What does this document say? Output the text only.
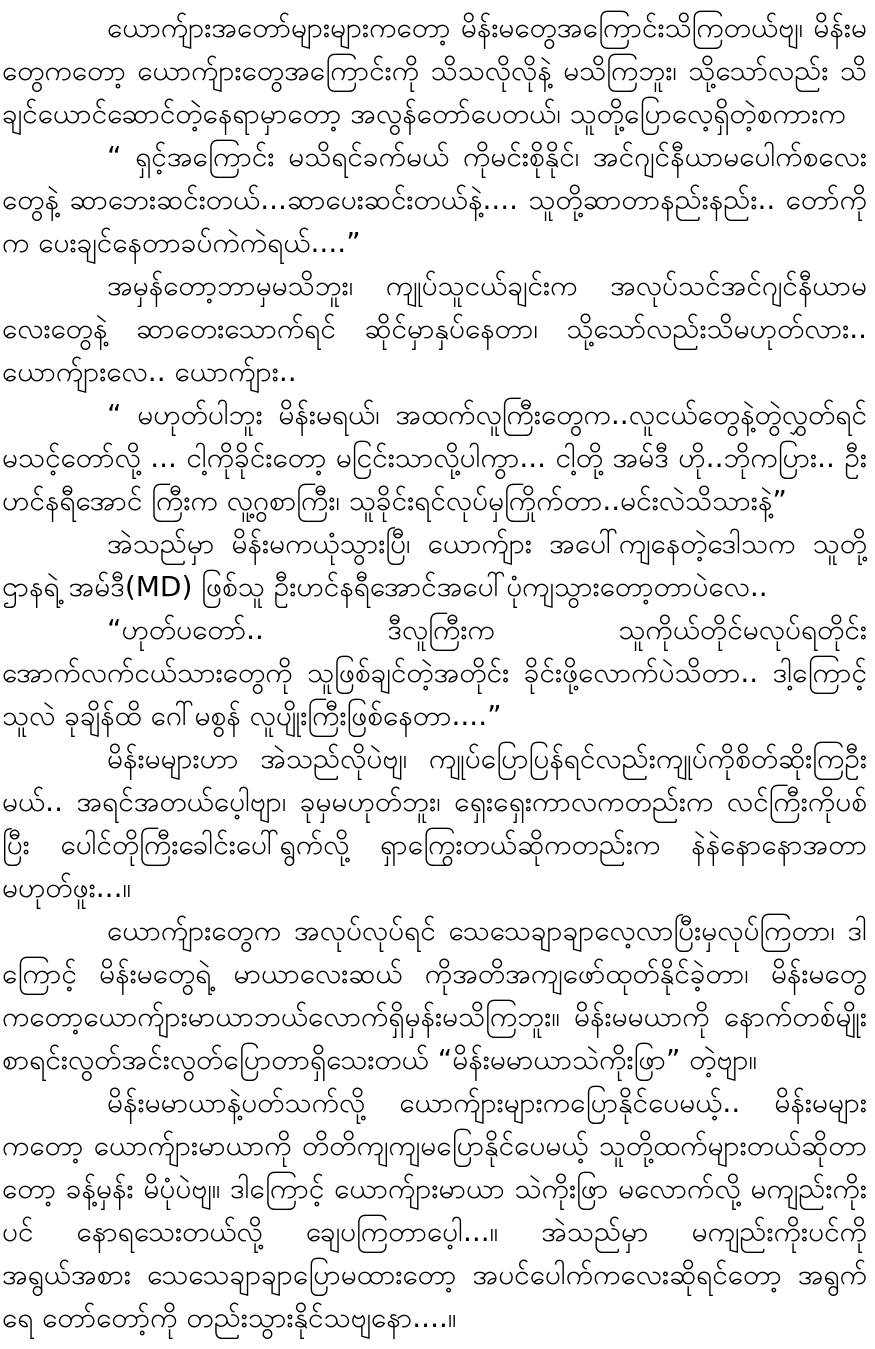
ယောက်ျားအတော်များများကတော့ မိန်းမတွေအကြောင်းသိကြတယ်ဗျ၊ မိန်းမတွေကတော့ ယောက်ျားတွေအကြောင်းကို သိသလိုလိုနဲ့ မသိကြဘူး၊ သို့သော်လည်း သိချင်ယောင်ဆောင်တဲ့နေရာမှာတော့ အလွန်တော်ပေတယ်၊ သူတို့ပြောလေ့ရှိတဲ့စကားက

“ ရှင့်အကြောင်း မသိရင်ခက်မယ် ကိုမင်းစိုနိုင်၊ အင်ဂျင်နီယာမပေါက်စလေးတွေနဲ့ ဆာဘေးဆင်းတယ်...ဆာပေးဆင်းတယ်နဲ့.... သူတို့ဆာတာနည်းနည်း.. တော်ကိုက ပေးချင်နေတာခပ်ကဲကဲရယ်....”

အမှန်တော့ဘာမှမသိဘူး၊ ကျုပ်သူငယ်ချင်းက အလုပ်သင်အင်ဂျင်နီယာမလေးတွေနဲ့ ဆာတေးသောက်ရင် ဆိုင်မှာနှပ်နေတာ၊ သို့သော်လည်းသိမဟုတ်လား.. ယောက်ျားလေ.. ယောက်ျား..

“ မဟုတ်ပါဘူး မိန်းမရယ်၊ အထက်လူကြီးတွေက..လူငယ်တွေနဲ့တွဲလွှတ်ရင် မသင့်တော်လို့ ... ငါ့ကိုခိုင်းတော့ မငြင်းသာလို့ပါကွာ... ငါ့တို့ အမ်ဒီ ဟို..ဘိုကပြား.. ဦးဟင်နရီအောင် ကြီးက လူ့ဂွစာကြီး၊ သူခိုင်းရင်လုပ်မှကြိုက်တာ..မင်းလဲသိသားနဲ့”

အဲသည်မှာ မိန်းမကယုံသွားပြီ၊ ယောက်ျား အပေါ်ကျနေတဲ့ဒေါသက သူတို့ဌာနရဲ့ အမ်ဒီ(MD) ဖြစ်သူ ဦးဟင်နရီအောင်အပေါ်ပုံကျသွားတော့တာပဲလေ..

“ဟုတ်ပတော်.. ဒီလူကြီးက သူကိုယ်တိုင်မလုပ်ရတိုင်း အောက်လက်ငယ်သားတွေကို သူဖြစ်ချင်တဲ့အတိုင်း ခိုင်းဖို့လောက်ပဲသိတာ.. ဒါ့ကြောင့် သူလဲ ခုချိန်ထိ ဂေါ်မစွန် လူပျိုးကြီးဖြစ်နေတာ....”

မိန်းမများဟာ အဲသည်လိုပဲဗျ၊ ကျုပ်ပြောပြန်ရင်လည်းကျုပ်ကိုစိတ်ဆိုးကြဦးမယ်.. အရင်အတယ်ပေ့ါဗျာ၊ ခုမှမဟုတ်ဘူး၊ ရှေးရှေးကာလကတည်းက လင်ကြီးကိုပစ်ပြီး ပေါင်တိုကြီးခေါင်းပေါ်ရွက်လို့ ရှာကြွေးတယ်ဆိုကတည်းက နဲနဲနောနောအတာမဟုတ်ဖူး...။

ယောက်ျားတွေက အလုပ်လုပ်ရင် သေသေချာချာလေ့လာပြီးမှလုပ်ကြတာ၊ ဒါကြောင့် မိန်းမတွေရဲ့ မာယာလေးဆယ် ကိုအတိအကျဖော်ထုတ်နိုင်ခဲ့တာ၊ မိန်းမတွေကတော့ယောက်ျားမာယာဘယ်လောက်ရှိမှန်းမသိကြဘူး။ မိန်းမမယာကို နောက်တစ်မျိုး စာရင်းလွတ်အင်းလွတ်ပြောတာရှိသေးတယ် “မိန်းမမာယာသဲကိုးဖြာ” တဲ့ဗျာ။

မိန်းမမာယာနဲ့ပတ်သက်လို့ ယောက်ျားများကပြောနိုင်ပေမယ့်.. မိန်းမများကတော့ ယောက်ျားမာယာကို တိတိကျကျမပြောနိုင်ပေမယ့် သူတို့ထက်များတယ်ဆိုတာတော့ ခန့်မှန်း မိပုံပဲဗျ။ ဒါကြောင့် ယောက်ျားမာယာ သဲကိုးဖြာ မလောက်လို့ မကျည်းကိုးပင် နောရသေးတယ်လို့ ချေပကြတာပေ့ါ...။ အဲသည်မှာ မကျည်းကိုးပင်ကို အရွယ်အစား သေသေချာချာပြောမထားတော့ အပင်ပေါက်ကလေးဆိုရင်တော့ အရွက်ရေ တော်တော့်ကို တည်းသွားနိုင်သဗျနော....။
